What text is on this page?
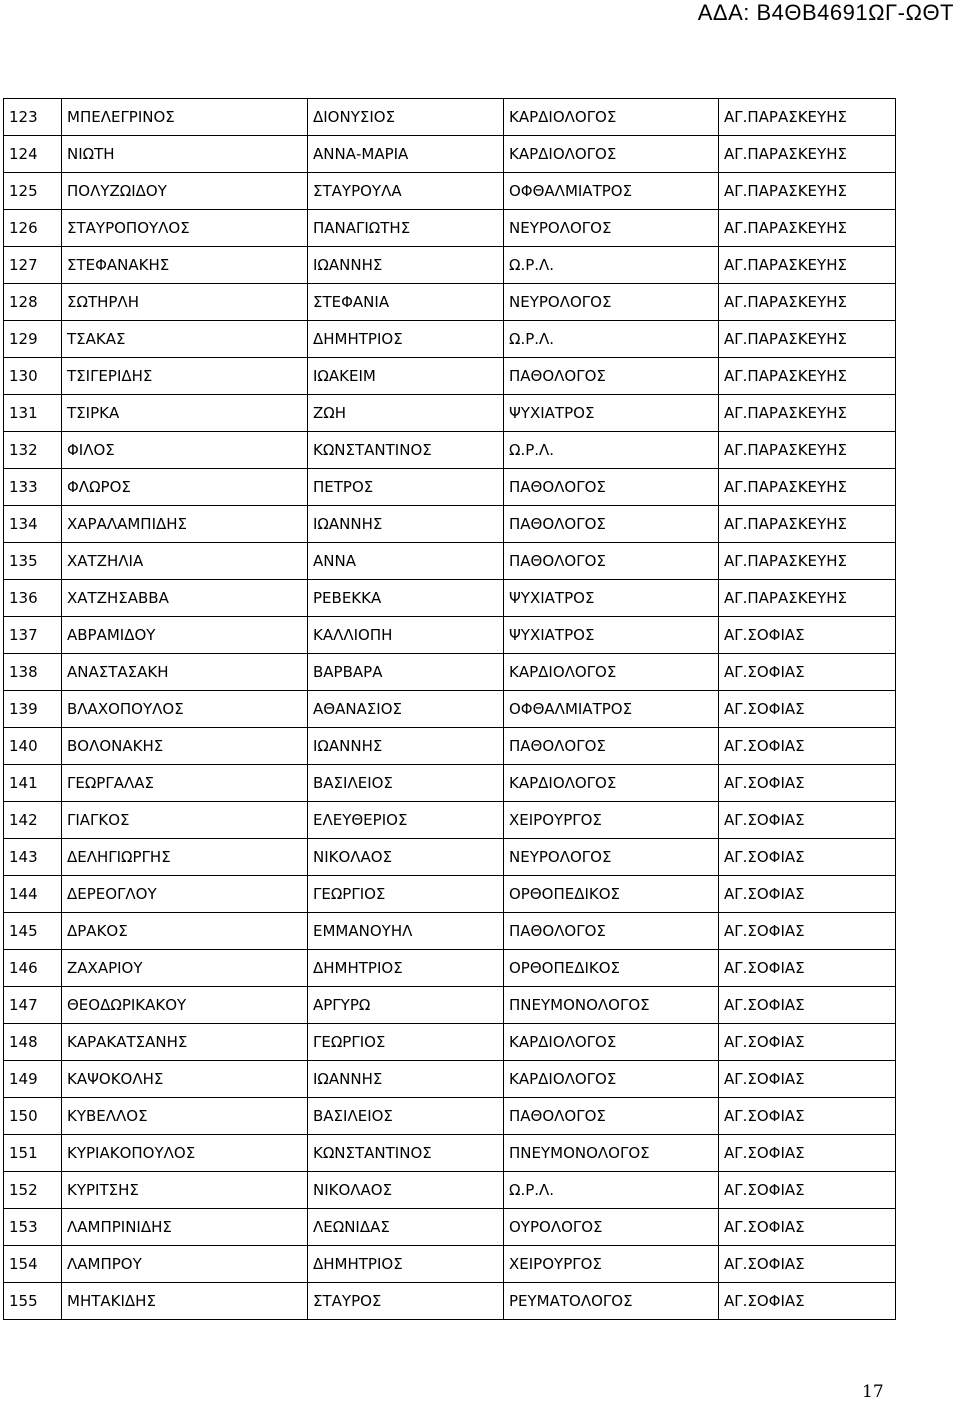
ΑΔΑ: Β4ΘΒ4691ΩΓ-ΩΘΤ
123	ΜΠΕΛΕΓΡΙΝΟΣ	ΔΙΟΝΥΣΙΟΣ	ΚΑΡΔΙΟΛΟΓΟΣ	ΑΓ.ΠΑΡΑΣΚΕΥΗΣ
124	ΝΙΩΤΗ	ΑΝΝΑ-ΜΑΡΙΑ	ΚΑΡΔΙΟΛΟΓΟΣ	ΑΓ.ΠΑΡΑΣΚΕΥΗΣ
125	ΠΟΛΥΖΩΙΔΟΥ	ΣΤΑΥΡΟΥΛΑ	ΟΦΘΑΛΜΙΑΤΡΟΣ	ΑΓ.ΠΑΡΑΣΚΕΥΗΣ
126	ΣΤΑΥΡΟΠΟΥΛΟΣ	ΠΑΝΑΓΙΩΤΗΣ	ΝΕΥΡΟΛΟΓΟΣ	ΑΓ.ΠΑΡΑΣΚΕΥΗΣ
127	ΣΤΕΦΑΝΑΚΗΣ	ΙΩΑΝΝΗΣ	Ω.Ρ.Λ.	ΑΓ.ΠΑΡΑΣΚΕΥΗΣ
128	ΣΩΤΗΡΛΗ	ΣΤΕΦΑΝΙΑ	ΝΕΥΡΟΛΟΓΟΣ	ΑΓ.ΠΑΡΑΣΚΕΥΗΣ
129	ΤΣΑΚΑΣ	ΔΗΜΗΤΡΙΟΣ	Ω.Ρ.Λ.	ΑΓ.ΠΑΡΑΣΚΕΥΗΣ
130	ΤΣΙΓΕΡΙΔΗΣ	ΙΩΑΚΕΙΜ	ΠΑΘΟΛΟΓΟΣ	ΑΓ.ΠΑΡΑΣΚΕΥΗΣ
131	ΤΣΙΡΚΑ	ΖΩΗ	ΨΥΧΙΑΤΡΟΣ	ΑΓ.ΠΑΡΑΣΚΕΥΗΣ
132	ΦΙΛΟΣ	ΚΩΝΣΤΑΝΤΙΝΟΣ	Ω.Ρ.Λ.	ΑΓ.ΠΑΡΑΣΚΕΥΗΣ
133	ΦΛΩΡΟΣ	ΠΕΤΡΟΣ	ΠΑΘΟΛΟΓΟΣ	ΑΓ.ΠΑΡΑΣΚΕΥΗΣ
134	ΧΑΡΑΛΑΜΠΙΔΗΣ	ΙΩΑΝΝΗΣ	ΠΑΘΟΛΟΓΟΣ	ΑΓ.ΠΑΡΑΣΚΕΥΗΣ
135	ΧΑΤΖΗΛΙΑ	ΑΝΝΑ	ΠΑΘΟΛΟΓΟΣ	ΑΓ.ΠΑΡΑΣΚΕΥΗΣ
136	ΧΑΤΖΗΣΑΒΒΑ	ΡΕΒΕΚΚΑ	ΨΥΧΙΑΤΡΟΣ	ΑΓ.ΠΑΡΑΣΚΕΥΗΣ
137	ΑΒΡΑΜΙΔΟΥ	ΚΑΛΛΙΟΠΗ	ΨΥΧΙΑΤΡΟΣ	ΑΓ.ΣΟΦΙΑΣ
138	ΑΝΑΣΤΑΣΑΚΗ	ΒΑΡΒΑΡΑ	ΚΑΡΔΙΟΛΟΓΟΣ	ΑΓ.ΣΟΦΙΑΣ
139	ΒΛΑΧΟΠΟΥΛΟΣ	ΑΘΑΝΑΣΙΟΣ	ΟΦΘΑΛΜΙΑΤΡΟΣ	ΑΓ.ΣΟΦΙΑΣ
140	ΒΟΛΟΝΑΚΗΣ	ΙΩΑΝΝΗΣ	ΠΑΘΟΛΟΓΟΣ	ΑΓ.ΣΟΦΙΑΣ
141	ΓΕΩΡΓΑΛΑΣ	ΒΑΣΙΛΕΙΟΣ	ΚΑΡΔΙΟΛΟΓΟΣ	ΑΓ.ΣΟΦΙΑΣ
142	ΓΙΑΓΚΟΣ	ΕΛΕΥΘΕΡΙΟΣ	ΧΕΙΡΟΥΡΓΟΣ	ΑΓ.ΣΟΦΙΑΣ
143	ΔΕΛΗΓΙΩΡΓΗΣ	ΝΙΚΟΛΑΟΣ	ΝΕΥΡΟΛΟΓΟΣ	ΑΓ.ΣΟΦΙΑΣ
144	ΔΕΡΕΟΓΛΟΥ	ΓΕΩΡΓΙΟΣ	ΟΡΘΟΠΕΔΙΚΟΣ	ΑΓ.ΣΟΦΙΑΣ
145	ΔΡΑΚΟΣ	ΕΜΜΑΝΟΥΗΛ	ΠΑΘΟΛΟΓΟΣ	ΑΓ.ΣΟΦΙΑΣ
146	ΖΑΧΑΡΙΟΥ	ΔΗΜΗΤΡΙΟΣ	ΟΡΘΟΠΕΔΙΚΟΣ	ΑΓ.ΣΟΦΙΑΣ
147	ΘΕΟΔΩΡΙΚΑΚΟΥ	ΑΡΓΥΡΩ	ΠΝΕΥΜΟΝΟΛΟΓΟΣ	ΑΓ.ΣΟΦΙΑΣ
148	ΚΑΡΑΚΑΤΣΑΝΗΣ	ΓΕΩΡΓΙΟΣ	ΚΑΡΔΙΟΛΟΓΟΣ	ΑΓ.ΣΟΦΙΑΣ
149	ΚΑΨΟΚΟΛΗΣ	ΙΩΑΝΝΗΣ	ΚΑΡΔΙΟΛΟΓΟΣ	ΑΓ.ΣΟΦΙΑΣ
150	ΚΥΒΕΛΛΟΣ	ΒΑΣΙΛΕΙΟΣ	ΠΑΘΟΛΟΓΟΣ	ΑΓ.ΣΟΦΙΑΣ
151	ΚΥΡΙΑΚΟΠΟΥΛΟΣ	ΚΩΝΣΤΑΝΤΙΝΟΣ	ΠΝΕΥΜΟΝΟΛΟΓΟΣ	ΑΓ.ΣΟΦΙΑΣ
152	ΚΥΡΙΤΣΗΣ	ΝΙΚΟΛΑΟΣ	Ω.Ρ.Λ.	ΑΓ.ΣΟΦΙΑΣ
153	ΛΑΜΠΡΙΝΙΔΗΣ	ΛΕΩΝΙΔΑΣ	ΟΥΡΟΛΟΓΟΣ	ΑΓ.ΣΟΦΙΑΣ
154	ΛΑΜΠΡΟΥ	ΔΗΜΗΤΡΙΟΣ	ΧΕΙΡΟΥΡΓΟΣ	ΑΓ.ΣΟΦΙΑΣ
155	ΜΗΤΑΚΙΔΗΣ	ΣΤΑΥΡΟΣ	ΡΕΥΜΑΤΟΛΟΓΟΣ	ΑΓ.ΣΟΦΙΑΣ
17
